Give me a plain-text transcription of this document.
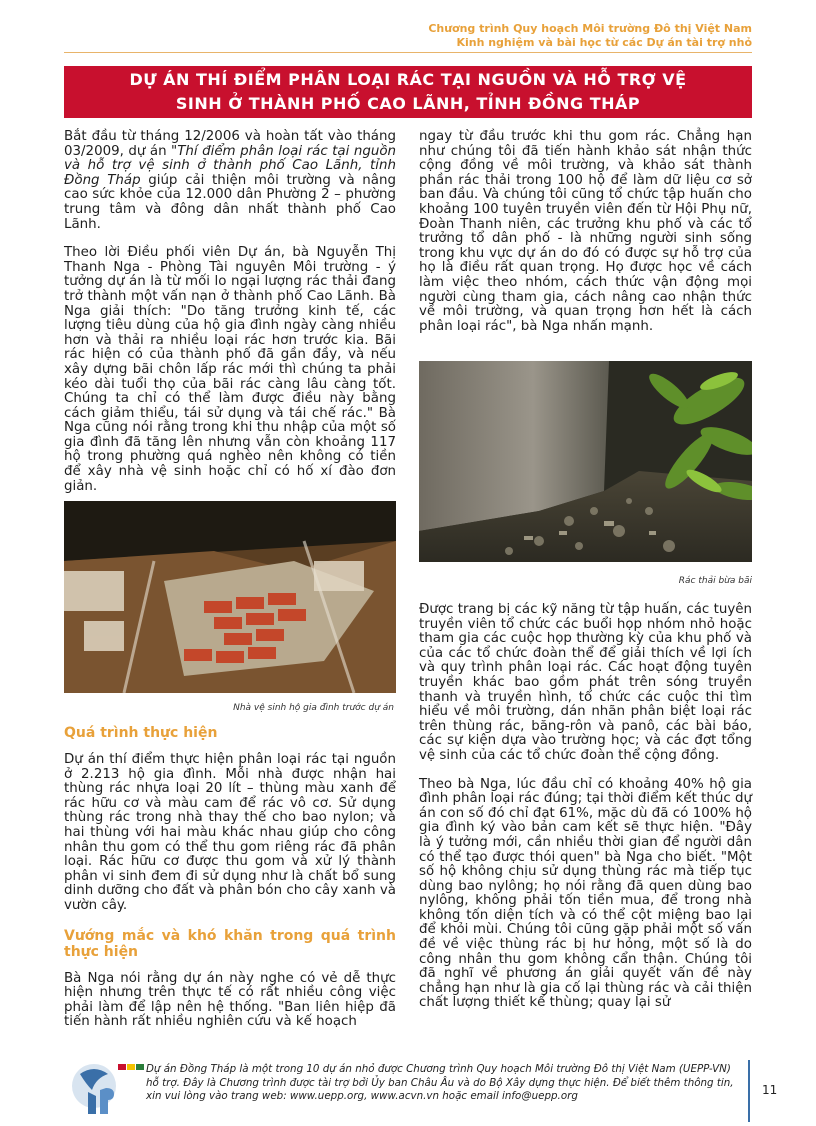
Chương trình Quy hoạch Môi trường Đô thị Việt Nam
Kinh nghiệm và bài học từ các Dự án tài trợ nhỏ
DỰ ÁN THÍ ĐIỂM PHÂN LOẠI RÁC TẠI NGUỒN VÀ HỖ TRỢ VỆ
SINH Ở THÀNH PHỐ CAO LÃNH, TỈNH ĐỒNG THÁP

Bắt đầu từ tháng 12/2006 và hoàn tất vào tháng 03/2009, dự án "Thí điểm phân loại rác tại nguồn và hỗ trợ vệ sinh ở thành phố Cao Lãnh, tỉnh Đồng Tháp giúp cải thiện môi trường và nâng cao sức khỏe của 12.000 dân Phường 2 – phường trung tâm và đông dân nhất thành phố Cao Lãnh.

Theo lời Điều phối viên Dự án, bà Nguyễn Thị Thanh Nga - Phòng Tài nguyên Môi trường - ý tưởng dự án là từ mối lo ngại lượng rác thải đang trở thành một vấn nạn ở thành phố Cao Lãnh. Bà Nga giải thích: "Do tăng trưởng kinh tế, các lượng tiêu dùng của hộ gia đình ngày càng nhiều hơn và thải ra nhiều loại rác hơn trước kia. Bãi rác hiện có của thành phố đã gần đầy, và nếu xây dựng bãi chôn lấp rác mới thì chúng ta phải kéo dài tuổi thọ của bãi rác càng lâu càng tốt. Chúng ta chỉ có thể làm được điều này bằng cách giảm thiểu, tái sử dụng và tái chế rác." Bà Nga cũng nói rằng trong khi thu nhập của một số gia đình đã tăng lên nhưng vẫn còn khoảng 117 hộ trong phường quá nghèo nên không có tiền để xây nhà vệ sinh hoặc chỉ có hố xí đào đơn giản.

ngay từ đầu trước khi thu gom rác. Chẳng hạn như chúng tôi đã tiến hành khảo sát nhận thức cộng đồng về môi trường, và khảo sát thành phần rác thải trong 100 hộ để làm dữ liệu cơ sở ban đầu. Và chúng tôi cũng tổ chức tập huấn cho khoảng 100 tuyên truyền viên đến từ Hội Phụ nữ, Đoàn Thanh niên, các trưởng khu phố và các tổ trưởng tổ dân phố - là những người sinh sống trong khu vực dự án do đó có được sự hỗ trợ của họ là điều rất quan trọng. Họ được học về cách làm việc theo nhóm, cách thức vận động mọi người cùng tham gia, cách nâng cao nhận thức về môi trường, và quan trọng hơn hết là cách phân loại rác", bà Nga nhấn mạnh.

Rác thải bừa bãi
Nhà vệ sinh hộ gia đình trước dự án

Được trang bị các kỹ năng từ tập huấn, các tuyên truyền viên tổ chức các buổi họp nhóm nhỏ hoặc tham gia các cuộc họp thường kỳ của khu phố và của các tổ chức đoàn thể để giải thích về lợi ích và quy trình phân loại rác. Các hoạt động tuyên truyền khác bao gồm phát trên sóng truyền thanh và truyền hình, tổ chức các cuộc thi tìm hiểu về môi trường, dán nhãn phân biệt loại rác trên thùng rác, băng-rôn và panô, các bài báo, các sự kiện dựa vào trường học; và các đợt tổng vệ sinh của các tổ chức đoàn thể cộng đồng.

Theo bà Nga, lúc đầu chỉ có khoảng 40% hộ gia đình phân loại rác đúng; tại thời điểm kết thúc dự án con số đó chỉ đạt 61%, mặc dù đã có 100% hộ gia đình ký vào bản cam kết sẽ thực hiện. "Đây là ý tưởng mới, cần nhiều thời gian để người dân có thể tạo được thói quen" bà Nga cho biết. "Một số hộ không chịu sử dụng thùng rác mà tiếp tục dùng bao nylông; họ nói rằng đã quen dùng bao nylông, không phải tốn tiền mua, để trong nhà không tốn diện tích và có thể cột miệng bao lại để khỏi mùi. Chúng tôi cũng gặp phải một số vấn đề về việc thùng rác bị hư hỏng, một số là do công nhân thu gom không cẩn thận. Chúng tôi đã nghĩ về phương án giải quyết vấn đề này chẳng hạn như là gia cố lại thùng rác và cải thiện chất lượng thiết kế thùng; quay lại sử

Quá trình thực hiện

Dự án thí điểm thực hiện phân loại rác tại nguồn ở 2.213 hộ gia đình. Mỗi nhà được nhận hai thùng rác nhựa loại 20 lít – thùng màu xanh để rác hữu cơ và màu cam để rác vô cơ. Sử dụng thùng rác trong nhà thay thế cho bao nylon; và hai thùng với hai màu khác nhau giúp cho công nhân thu gom có thể thu gom riêng rác đã phân loại. Rác hữu cơ được thu gom và xử lý thành phân vi sinh đem đi sử dụng như là chất bổ sung dinh dưỡng cho đất và phân bón cho cây xanh và vườn cây.

Vướng mắc và khó khăn trong quá trình thực hiện

Bà Nga nói rằng dự án này nghe có vẻ dễ thực hiện nhưng trên thực tế có rất nhiều công việc phải làm để lập nên hệ thống. "Ban liên hiệp đã tiến hành rất nhiều nghiên cứu và kế hoạch

Dự án Đồng Tháp là một trong 10 dự án nhỏ được Chương trình Quy hoạch Môi trường Đô thị Việt Nam (UEPP-VN) hỗ trợ. Đây là Chương trình được tài trợ bởi Ủy ban Châu Âu và do Bộ Xây dựng thực hiện. Để biết thêm thông tin, xin vui lòng vào trang web: www.uepp.org, www.acvn.vn hoặc email info@uepp.org	11
